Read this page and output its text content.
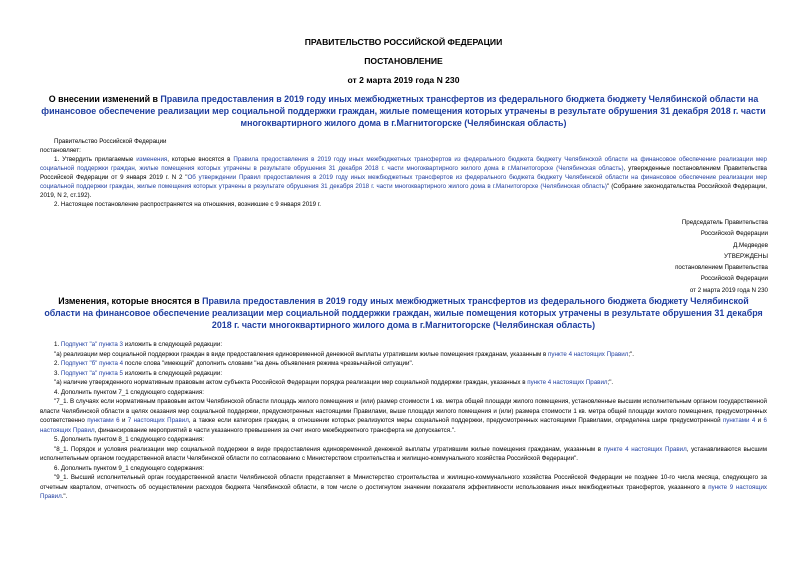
ПРАВИТЕЛЬСТВО РОССИЙСКОЙ ФЕДЕРАЦИИ
ПОСТАНОВЛЕНИЕ
от 2 марта 2019 года N 230
О внесении изменений в Правила предоставления в 2019 году иных межбюджетных трансфертов из федерального бюджета бюджету Челябинской области на финансовое обеспечение реализации мер социальной поддержки граждан, жилые помещения которых утрачены в результате обрушения 31 декабря 2018 г. части многоквартирного жилого дома в г.Магнитогорске (Челябинская область)

Правительство Российской Федерации

постановляет:

1. Утвердить прилагаемые изменения, которые вносятся в Правила предоставления в 2019 году иных межбюджетных трансфертов из федерального бюджета бюджету Челябинской области на финансовое обеспечение реализации мер социальной поддержки граждан, жилые помещения которых утрачены в результате обрушения 31 декабря 2018 г. части многоквартирного жилого дома в г.Магнитогорске (Челябинская область), утвержденные постановлением Правительства Российской Федерации от 9 января 2019 г. N 2 "Об утверждении Правил предоставления в 2019 году иных межбюджетных трансфертов из федерального бюджета бюджету Челябинской области на финансовое обеспечение реализации мер социальной поддержки граждан, жилые помещения которых утрачены в результате обрушения 31 декабря 2018 г. части многоквартирного жилого дома в г.Магнитогорске (Челябинская область)" (Собрание законодательства Российской Федерации, 2019, N 2, ст.192).

2. Настоящее постановление распространяется на отношения, возникшие с 9 января 2019 г.

Председатель Правительства

Российской Федерации

Д.Медведев

УТВЕРЖДЕНЫ

постановлением Правительства

Российской Федерации

от 2 марта 2019 года N 230

Изменения, которые вносятся в Правила предоставления в 2019 году иных межбюджетных трансфертов из федерального бюджета бюджету Челябинской области на финансовое обеспечение реализации мер социальной поддержки граждан, жилые помещения которых утрачены в результате обрушения 31 декабря 2018 г. части многоквартирного жилого дома в г.Магнитогорске (Челябинская область)

1. Подпункт "а" пункта 3 изложить в следующей редакции:

"а) реализации мер социальной поддержки граждан в виде предоставления единовременной денежной выплаты утратившим жилые помещения гражданам, указанным в пункте 4 настоящих Правил;".

2. Подпункт "б" пункта 4 после слова "имеющий" дополнить словами "на день объявления режима чрезвычайной ситуации".

3. Подпункт "а" пункта 5 изложить в следующей редакции:

"а) наличие утвержденного нормативным правовым актом субъекта Российской Федерации порядка реализации мер социальной поддержки граждан, указанных в пункте 4 настоящих Правил;".

4. Дополнить пунктом 7_1 следующего содержания:

"7_1. В случаях если нормативным правовым актом Челябинской области площадь жилого помещения и (или) размер стоимости 1 кв. метра общей площади жилого помещения, установленные высшим исполнительным органом государственной власти Челябинской области в целях оказания мер социальной поддержки, предусмотренных настоящими Правилами, выше площади жилого помещения и (или) размера стоимости 1 кв. метра общей площади жилого помещения, предусмотренных соответственно пунктами 6 и 7 настоящих Правил, а также если категория граждан, в отношении которых реализуются меры социальной поддержки, предусмотренных настоящими Правилами, определена шире предусмотренной пунктами 4 и 6 настоящих Правил, финансирование мероприятий в части указанного превышения за счет иного межбюджетного трансферта не допускается.".

5. Дополнить пунктом 8_1 следующего содержания:

"8_1. Порядок и условия реализации мер социальной поддержки в виде предоставления единовременной денежной выплаты утратившим жилые помещения гражданам, указанным в пункте 4 настоящих Правил, устанавливаются высшим исполнительным органом государственной власти Челябинской области по согласованию с Министерством строительства и жилищно-коммунального хозяйства Российской Федерации".

6. Дополнить пунктом 9_1 следующего содержания:

"9_1. Высший исполнительный орган государственной власти Челябинской области представляет в Министерство строительства и жилищно-коммунального хозяйства Российской Федерации не позднее 10-го числа месяца, следующего за отчетным кварталом, отчетность об осуществлении расходов бюджета Челябинской области, в том числе о достигнутом значении показателя эффективности использования иных межбюджетных трансфертов, указанного в пункте 9 настоящих Правил.".
